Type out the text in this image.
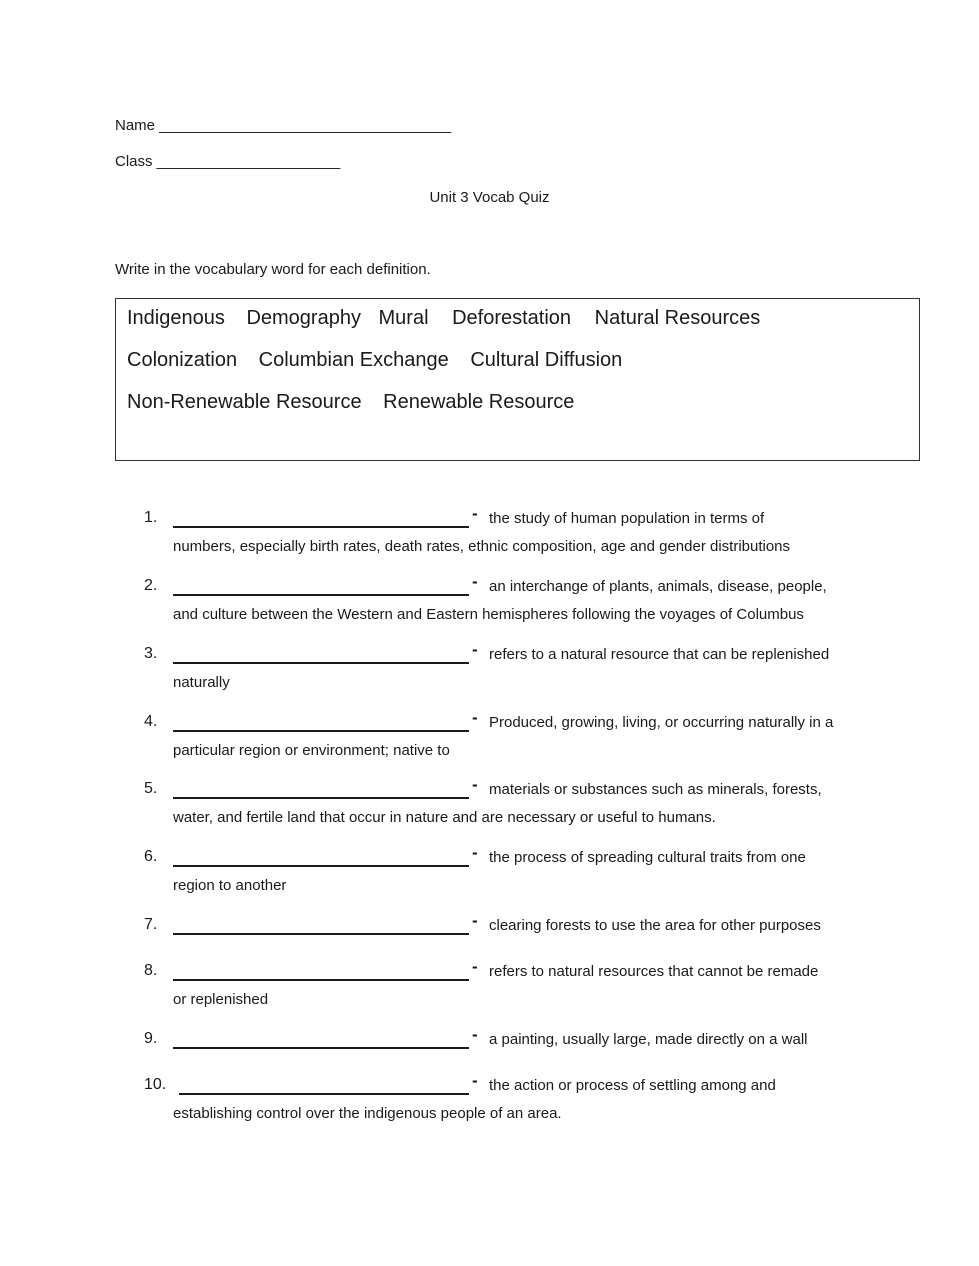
Name ___________________________________
Class ______________________
Unit 3 Vocab Quiz
Write in the vocabulary word for each definition.
Indigenous Demography Mural Deforestation Natural Resources
Colonization Columbian Exchange Cultural Diffusion
Non-Renewable Resource Renewable Resource
1.	- the study of human population in terms of
numbers, especially birth rates, death rates, ethnic composition, age and gender distributions
2.	- an interchange of plants, animals, disease, people,
and culture between the Western and Eastern hemispheres following the voyages of Columbus
3.	- refers to a natural resource that can be replenished
naturally
4.	- Produced, growing, living, or occurring naturally in a
particular region or environment; native to
5.	- materials or substances such as minerals, forests,
water, and fertile land that occur in nature and are necessary or useful to humans.
6.	- the process of spreading cultural traits from one
region to another
7.	- clearing forests to use the area for other purposes
8.	- refers to natural resources that cannot be remade
or replenished
9.	- a painting, usually large, made directly on a wall
10.	- the action or process of settling among and
establishing control over the indigenous people of an area.
